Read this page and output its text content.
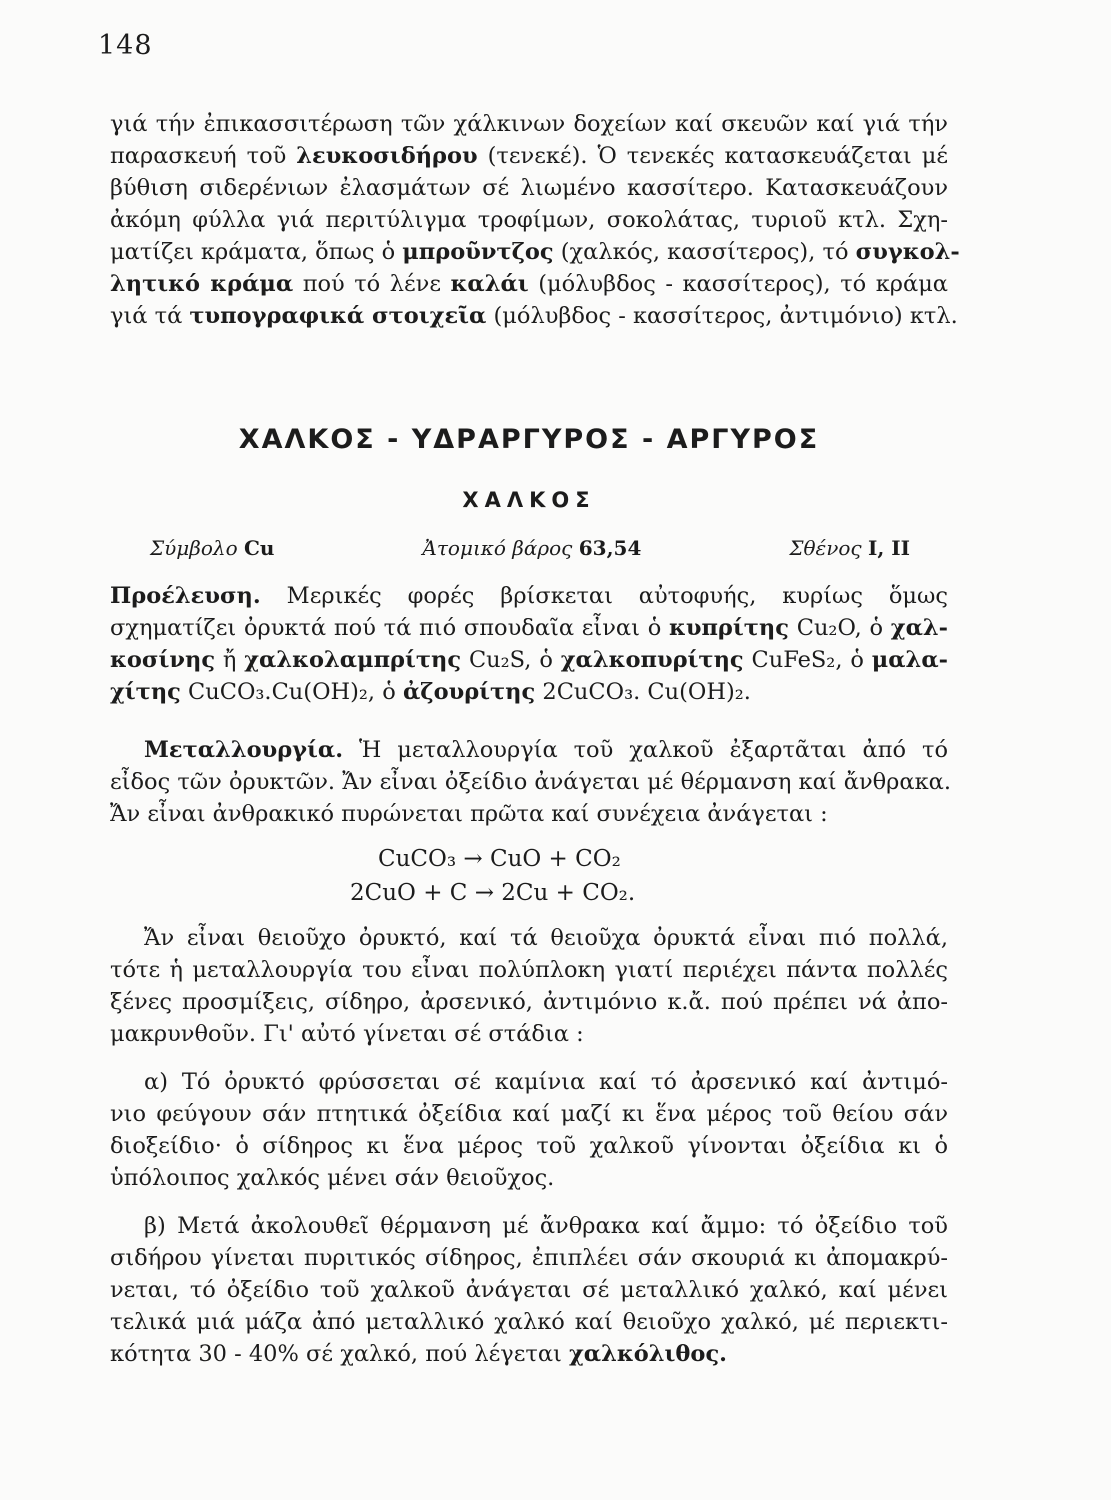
148
γιά τήν ἐπικασσιτέρωση τῶν χάλκινων δοχείων καί σκευῶν καί γιά τήν
παρασκευή τοῦ λευκοσιδήρου (τενεκέ). Ὁ τενεκές κατασκευάζεται μέ
βύθιση σιδερένιων ἐλασμάτων σέ λιωμένο κασσίτερο. Κατασκευάζουν
ἀκόμη φύλλα γιά περιτύλιγμα τροφίμων, σοκολάτας, τυριοῦ κτλ. Σχη-
ματίζει κράματα, ὅπως ὁ μπροῦντζος (χαλκός, κασσίτερος), τό συγκολ-
λητικό κράμα πού τό λένε καλάι (μόλυβδος - κασσίτερος), τό κράμα
γιά τά τυπογραφικά στοιχεῖα (μόλυβδος - κασσίτερος, ἀντιμόνιο) κτλ.
ΧΑΛΚΟΣ - ΥΔΡΑΡΓΥΡΟΣ - ΑΡΓΥΡΟΣ
ΧΑΛΚΟΣ
Σύμβολο Cu	Ἀτομικό βάρος 63,54	Σθένος I, II
Προέλευση. Μερικές φορές βρίσκεται αὐτοφυής, κυρίως ὅμως
σχηματίζει ὀρυκτά πού τά πιό σπουδαῖα εἶναι ὁ κυπρίτης Cu₂O, ὁ χαλ-
κοσίνης ἤ χαλκολαμπρίτης Cu₂S, ὁ χαλκοπυρίτης CuFeS₂, ὁ μαλα-
χίτης CuCO₃.Cu(OH)₂, ὁ ἀζουρίτης 2CuCO₃. Cu(OH)₂.
Μεταλλουργία. Ἡ μεταλλουργία τοῦ χαλκοῦ ἐξαρτᾶται ἀπό τό
εἶδος τῶν ὀρυκτῶν. Ἄν εἶναι ὀξείδιο ἀνάγεται μέ θέρμανση καί ἄνθρακα.
Ἄν εἶναι ἀνθρακικό πυρώνεται πρῶτα καί συνέχεια ἀνάγεται :
CuCO₃ → CuO + CO₂
2CuO + C → 2Cu + CO₂.
Ἄν εἶναι θειοῦχο ὀρυκτό, καί τά θειοῦχα ὀρυκτά εἶναι πιό πολλά,
τότε ἡ μεταλλουργία του εἶναι πολύπλοκη γιατί περιέχει πάντα πολλές
ξένες προσμίξεις, σίδηρο, ἀρσενικό, ἀντιμόνιο κ.ἄ. πού πρέπει νά ἀπο-
μακρυνθοῦν. Γι' αὐτό γίνεται σέ στάδια :
α) Τό ὀρυκτό φρύσσεται σέ καμίνια καί τό ἀρσενικό καί ἀντιμό-
νιο φεύγουν σάν πτητικά ὀξείδια καί μαζί κι ἕνα μέρος τοῦ θείου σάν
διοξείδιο· ὁ σίδηρος κι ἕνα μέρος τοῦ χαλκοῦ γίνονται ὀξείδια κι ὁ
ὑπόλοιπος χαλκός μένει σάν θειοῦχος.
β) Μετά ἀκολουθεῖ θέρμανση μέ ἄνθρακα καί ἄμμο: τό ὀξείδιο τοῦ
σιδήρου γίνεται πυριτικός σίδηρος, ἐπιπλέει σάν σκουριά κι ἀπομακρύ-
νεται, τό ὀξείδιο τοῦ χαλκοῦ ἀνάγεται σέ μεταλλικό χαλκό, καί μένει
τελικά μιά μάζα ἀπό μεταλλικό χαλκό καί θειοῦχο χαλκό, μέ περιεκτι-
κότητα 30 - 40% σέ χαλκό, πού λέγεται χαλκόλιθος.
